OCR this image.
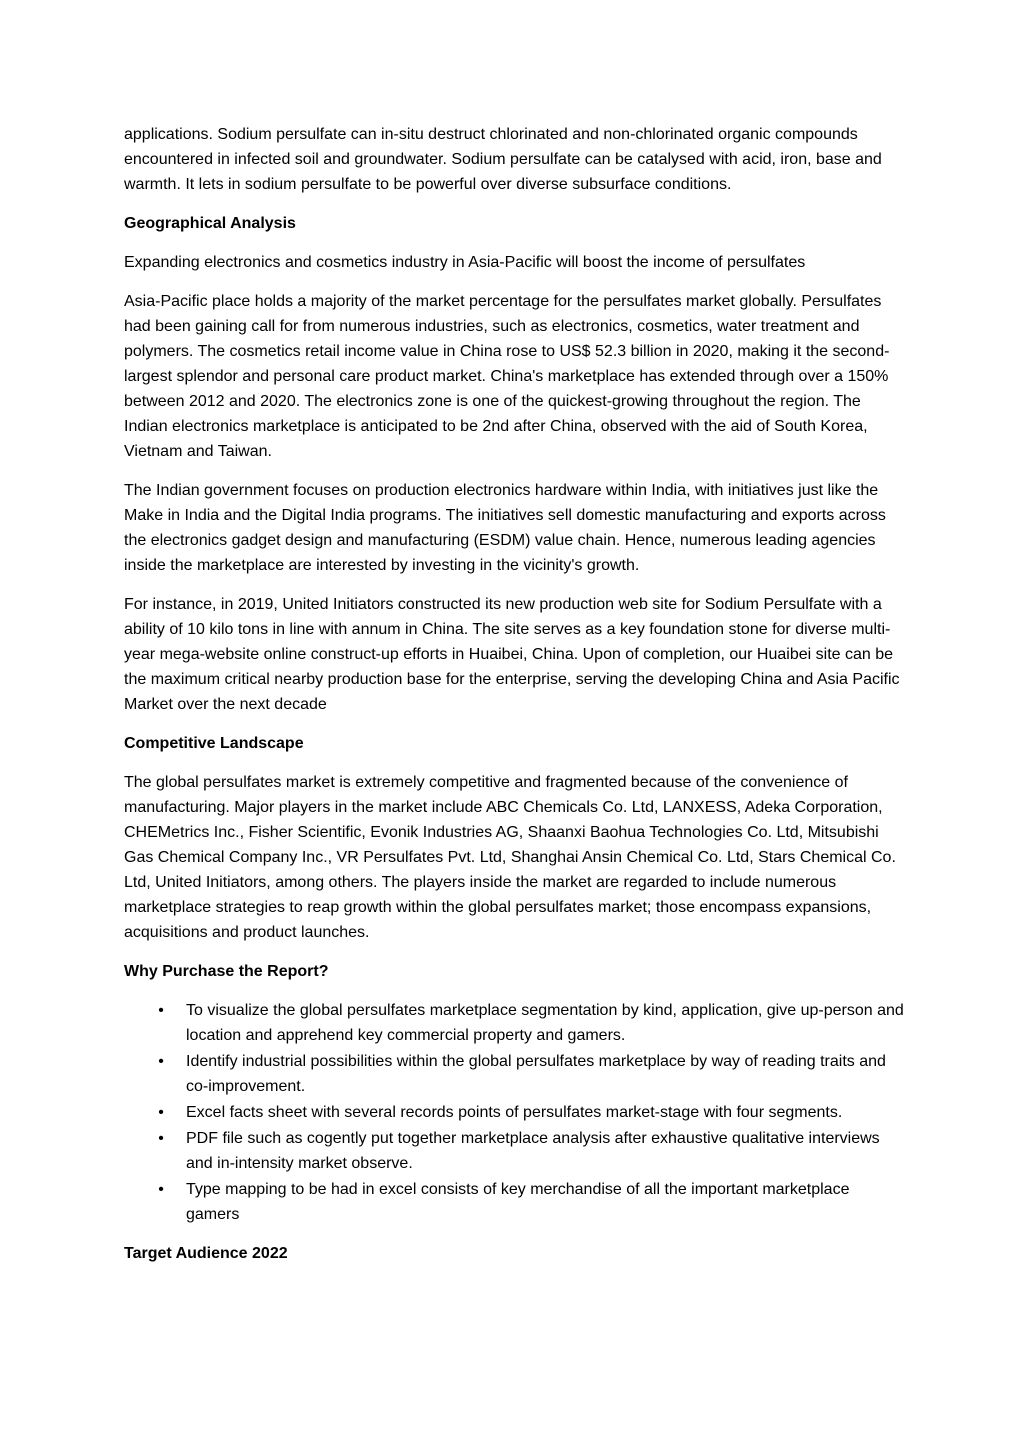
applications. Sodium persulfate can in-situ destruct chlorinated and non-chlorinated organic compounds encountered in infected soil and groundwater. Sodium persulfate can be catalysed with acid, iron, base and warmth. It lets in sodium persulfate to be powerful over diverse subsurface conditions.

Geographical Analysis

Expanding electronics and cosmetics industry in Asia-Pacific will boost the income of persulfates

Asia-Pacific place holds a majority of the market percentage for the persulfates market globally. Persulfates had been gaining call for from numerous industries, such as electronics, cosmetics, water treatment and polymers. The cosmetics retail income value in China rose to US$ 52.3 billion in 2020, making it the second-largest splendor and personal care product market. China's marketplace has extended through over a 150% between 2012 and 2020. The electronics zone is one of the quickest-growing throughout the region. The Indian electronics marketplace is anticipated to be 2nd after China, observed with the aid of South Korea, Vietnam and Taiwan.

The Indian government focuses on production electronics hardware within India, with initiatives just like the Make in India and the Digital India programs. The initiatives sell domestic manufacturing and exports across the electronics gadget design and manufacturing (ESDM) value chain. Hence, numerous leading agencies inside the marketplace are interested by investing in the vicinity's growth.

For instance, in 2019, United Initiators constructed its new production web site for Sodium Persulfate with a ability of 10 kilo tons in line with annum in China. The site serves as a key foundation stone for diverse multi-year mega-website online construct-up efforts in Huaibei, China. Upon of completion, our Huaibei site can be the maximum critical nearby production base for the enterprise, serving the developing China and Asia Pacific Market over the next decade

Competitive Landscape

The global persulfates market is extremely competitive and fragmented because of the convenience of manufacturing. Major players in the market include ABC Chemicals Co. Ltd, LANXESS, Adeka Corporation, CHEMetrics Inc., Fisher Scientific, Evonik Industries AG, Shaanxi Baohua Technologies Co. Ltd, Mitsubishi Gas Chemical Company Inc., VR Persulfates Pvt. Ltd, Shanghai Ansin Chemical Co. Ltd, Stars Chemical Co. Ltd, United Initiators, among others. The players inside the market are regarded to include numerous marketplace strategies to reap growth within the global persulfates market; those encompass expansions, acquisitions and product launches.

Why Purchase the Report?

• To visualize the global persulfates marketplace segmentation by kind, application, give up-person and location and apprehend key commercial property and gamers.
• Identify industrial possibilities within the global persulfates marketplace by way of reading traits and co-improvement.
• Excel facts sheet with several records points of persulfates market-stage with four segments.
• PDF file such as cogently put together marketplace analysis after exhaustive qualitative interviews and in-intensity market observe.
• Type mapping to be had in excel consists of key merchandise of all the important marketplace gamers

Target Audience 2022
